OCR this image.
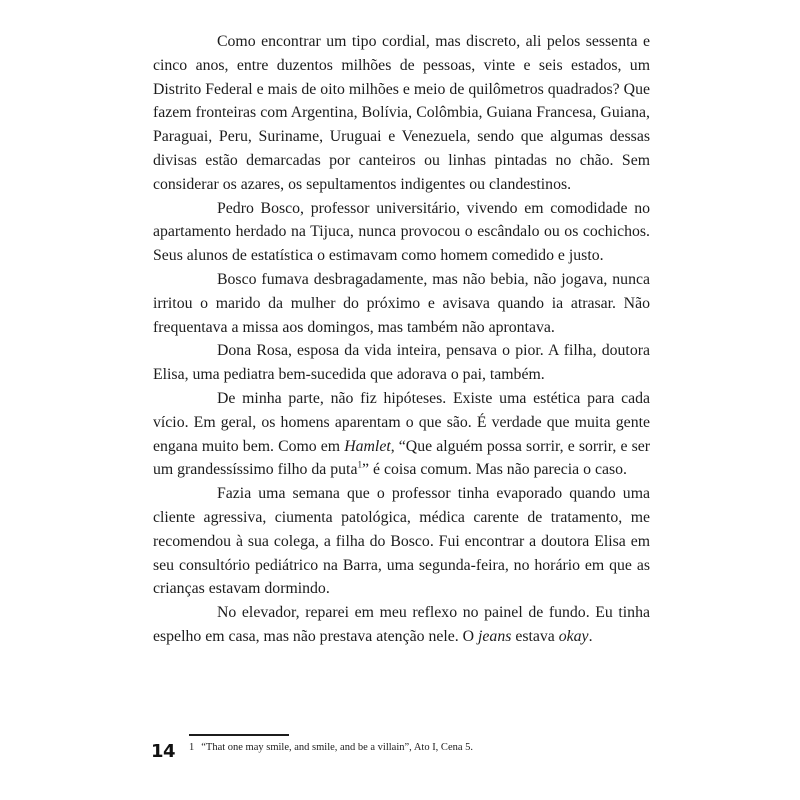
Como encontrar um tipo cordial, mas discreto, ali pelos sessenta e cinco anos, entre duzentos milhões de pessoas, vinte e seis estados, um Distrito Federal e mais de oito milhões e meio de quilômetros quadrados? Que fazem fronteiras com Argentina, Bolívia, Colômbia, Guiana Francesa, Guiana, Paraguai, Peru, Suriname, Uruguai e Venezuela, sendo que algumas dessas divisas estão demarcadas por canteiros ou linhas pintadas no chão. Sem considerar os azares, os sepultamentos indigentes ou clandestinos.

Pedro Bosco, professor universitário, vivendo em comodidade no apartamento herdado na Tijuca, nunca provocou o escândalo ou os cochichos. Seus alunos de estatística o estimavam como homem comedido e justo.

Bosco fumava desbragadamente, mas não bebia, não jogava, nunca irritou o marido da mulher do próximo e avisava quando ia atrasar. Não frequentava a missa aos domingos, mas também não aprontava.

Dona Rosa, esposa da vida inteira, pensava o pior. A filha, doutora Elisa, uma pediatra bem-sucedida que adorava o pai, também.

De minha parte, não fiz hipóteses. Existe uma estética para cada vício. Em geral, os homens aparentam o que são. É verdade que muita gente engana muito bem. Como em Hamlet, “Que alguém possa sorrir, e sorrir, e ser um grandessíssimo filho da puta$^1$” é coisa comum. Mas não parecia o caso.

Fazia uma semana que o professor tinha evaporado quando uma cliente agressiva, ciumenta patológica, médica carente de tratamento, me recomendou à sua colega, a filha do Bosco. Fui encontrar a doutora Elisa em seu consultório pediátrico na Barra, uma segunda-feira, no horário em que as crianças estavam dormindo.

No elevador, reparei em meu reflexo no painel de fundo. Eu tinha espelho em casa, mas não prestava atenção nele. O jeans estava okay.

1 “That one may smile, and smile, and be a villain”, Ato I, Cena 5.
14
